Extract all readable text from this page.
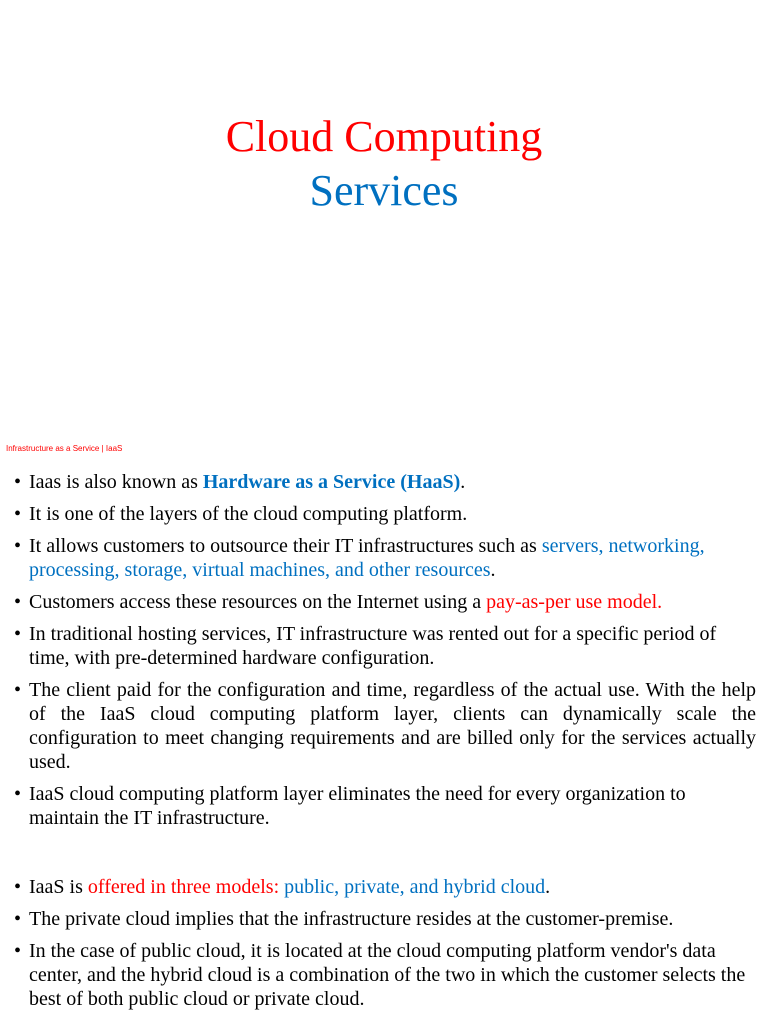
Cloud Computing
Services
Infrastructure as a Service | IaaS
• Iaas is also known as Hardware as a Service (HaaS).
• It is one of the layers of the cloud computing platform.
• It allows customers to outsource their IT infrastructures such as servers, networking, processing, storage, virtual machines, and other resources.
• Customers access these resources on the Internet using a pay-as-per use model.
• In traditional hosting services, IT infrastructure was rented out for a specific period of time, with pre-determined hardware configuration.
• The client paid for the configuration and time, regardless of the actual use. With the help of the IaaS cloud computing platform layer, clients can dynamically scale the configuration to meet changing requirements and are billed only for the services actually used.
• IaaS cloud computing platform layer eliminates the need for every organization to maintain the IT infrastructure.
• IaaS is offered in three models: public, private, and hybrid cloud.
• The private cloud implies that the infrastructure resides at the customer-premise.
• In the case of public cloud, it is located at the cloud computing platform vendor's data center, and the hybrid cloud is a combination of the two in which the customer selects the best of both public cloud or private cloud.
